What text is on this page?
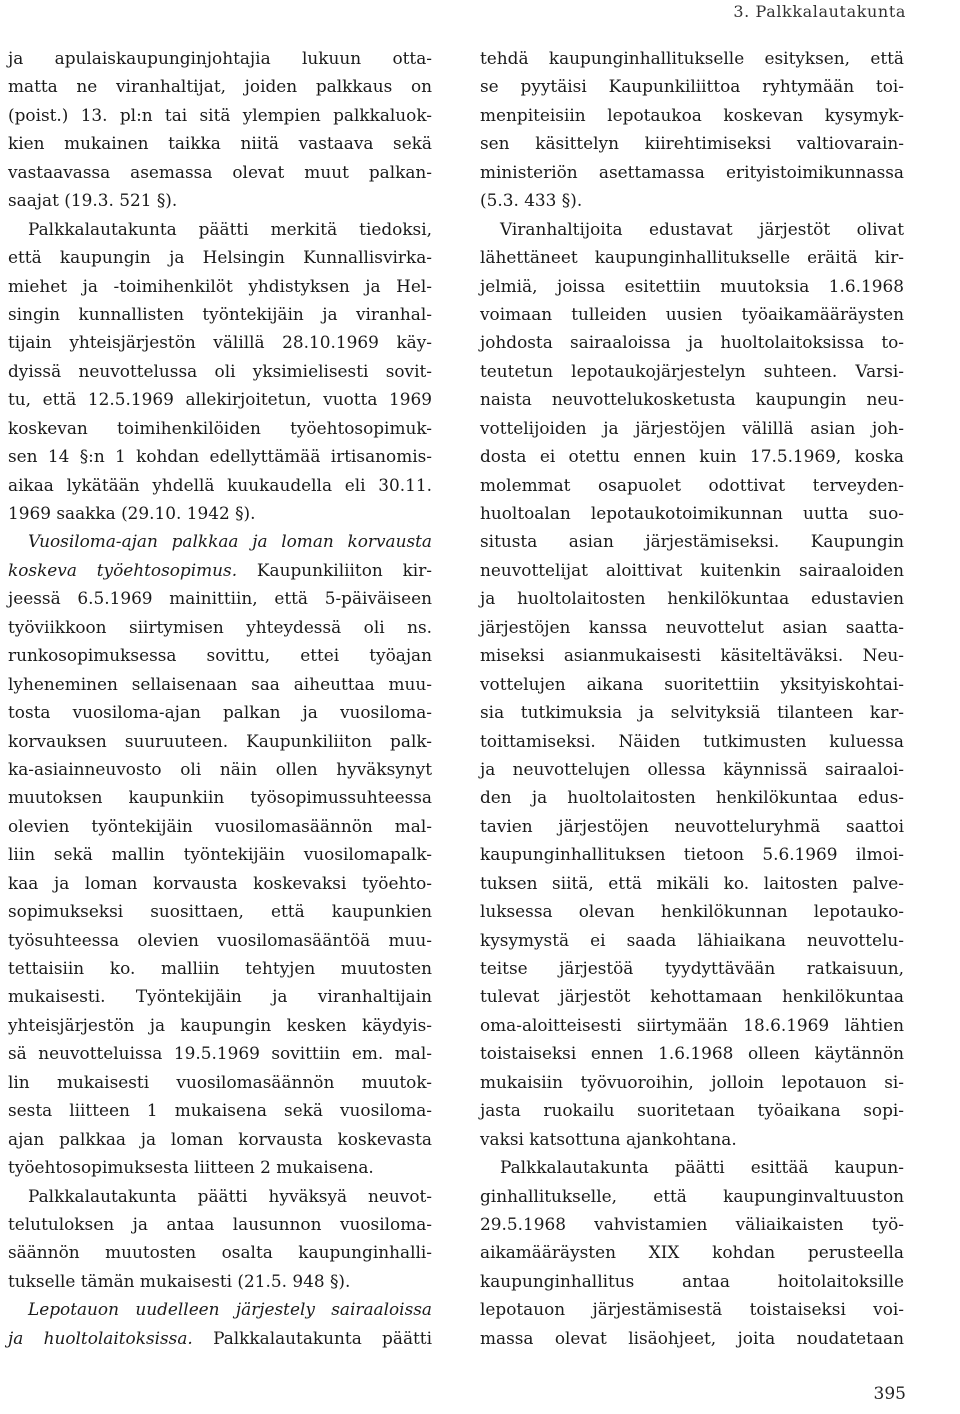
3. Palkkalautakunta
ja apulaiskaupunginjohtajia lukuun otta-
matta ne viranhaltijat, joiden palkkaus on
(poist.) 13. pl:n tai sitä ylempien palkkaluok-
kien mukainen taikka niitä vastaava sekä
vastaavassa asemassa olevat muut palkan-
saajat (19.3. 521 §).
Palkkalautakunta päätti merkitä tiedoksi,
että kaupungin ja Helsingin Kunnallisvirka-
miehet ja -toimihenkilöt yhdistyksen ja Hel-
singin kunnallisten työntekijäin ja viranhal-
tijain yhteisjärjestön välillä 28.10.1969 käy-
dyissä neuvottelussa oli yksimielisesti sovit-
tu, että 12.5.1969 allekirjoitetun, vuotta 1969
koskevan toimihenkilöiden työehtosopimuk-
sen 14 §:n 1 kohdan edellyttämää irtisanomis-
aikaa lykätään yhdellä kuukaudella eli 30.11.
1969 saakka (29.10. 1942 §).
Vuosiloma-ajan palkkaa ja loman korvausta
koskeva työehtosopimus. Kaupunkiliiton kir-
jeessä 6.5.1969 mainittiin, että 5-päiväiseen
työviikkoon siirtymisen yhteydessä oli ns.
runkosopimuksessa sovittu, ettei työajan
lyheneminen sellaisenaan saa aiheuttaa muu-
tosta vuosiloma-ajan palkan ja vuosiloma-
korvauksen suuruuteen. Kaupunkiliiton palk-
ka-asiainneuvosto oli näin ollen hyväksynyt
muutoksen kaupunkiin työsopimussuhteessa
olevien työntekijäin vuosilomasäännön mal-
liin sekä mallin työntekijäin vuosilomapalk-
kaa ja loman korvausta koskevaksi työehto-
sopimukseksi suosittaen, että kaupunkien
työsuhteessa olevien vuosilomasääntöä muu-
tettaisiin ko. malliin tehtyjen muutosten
mukaisesti. Työntekijäin ja viranhaltijain
yhteisjärjestön ja kaupungin kesken käydyis-
sä neuvotteluissa 19.5.1969 sovittiin em. mal-
lin mukaisesti vuosilomasäännön muutok-
sesta liitteen 1 mukaisena sekä vuosiloma-
ajan palkkaa ja loman korvausta koskevasta
työehtosopimuksesta liitteen 2 mukaisena.
Palkkalautakunta päätti hyväksyä neuvot-
telutuloksen ja antaa lausunnon vuosiloma-
säännön muutosten osalta kaupunginhalli-
tukselle tämän mukaisesti (21.5. 948 §).
Lepotauon uudelleen järjestely sairaaloissa
ja huoltolaitoksissa. Palkkalautakunta päätti
tehdä kaupunginhallitukselle esityksen, että
se pyytäisi Kaupunkiliittoa ryhtymään toi-
menpiteisiin lepotaukoa koskevan kysymyk-
sen käsittelyn kiirehtimiseksi valtiovarain-
ministeriön asettamassa erityistoimikunnassa
(5.3. 433 §).
Viranhaltijoita edustavat järjestöt olivat
lähettäneet kaupunginhallitukselle eräitä kir-
jelmiä, joissa esitettiin muutoksia 1.6.1968
voimaan tulleiden uusien työaikamääräysten
johdosta sairaaloissa ja huoltolaitoksissa to-
teutetun lepotaukojärjestelyn suhteen. Varsi-
naista neuvottelukosketusta kaupungin neu-
vottelijoiden ja järjestöjen välillä asian joh-
dosta ei otettu ennen kuin 17.5.1969, koska
molemmat osapuolet odottivat terveyden-
huoltoalan lepotaukotoimikunnan uutta suo-
situsta asian järjestämiseksi. Kaupungin
neuvottelijat aloittivat kuitenkin sairaaloiden
ja huoltolaitosten henkilökuntaa edustavien
järjestöjen kanssa neuvottelut asian saatta-
miseksi asianmukaisesti käsiteltäväksi. Neu-
vottelujen aikana suoritettiin yksityiskohtai-
sia tutkimuksia ja selvityksiä tilanteen kar-
toittamiseksi. Näiden tutkimusten kuluessa
ja neuvottelujen ollessa käynnissä sairaaloi-
den ja huoltolaitosten henkilökuntaa edus-
tavien järjestöjen neuvotteluryhmä saattoi
kaupunginhallituksen tietoon 5.6.1969 ilmoi-
tuksen siitä, että mikäli ko. laitosten palve-
luksessa olevan henkilökunnan lepotauko-
kysymystä ei saada lähiaikana neuvottelu-
teitse järjestöä tyydyttävään ratkaisuun,
tulevat järjestöt kehottamaan henkilökuntaa
oma-aloitteisesti siirtymään 18.6.1969 lähtien
toistaiseksi ennen 1.6.1968 olleen käytännön
mukaisiin työvuoroihin, jolloin lepotauon si-
jasta ruokailu suoritetaan työaikana sopi-
vaksi katsottuna ajankohtana.
Palkkalautakunta päätti esittää kaupun-
ginhallitukselle, että kaupunginvaltuuston
29.5.1968 vahvistamien väliaikaisten työ-
aikamääräysten XIX kohdan perusteella
kaupunginhallitus antaa hoitolaitoksille
lepotauon järjestämisestä toistaiseksi voi-
massa olevat lisäohjeet, joita noudatetaan
395
